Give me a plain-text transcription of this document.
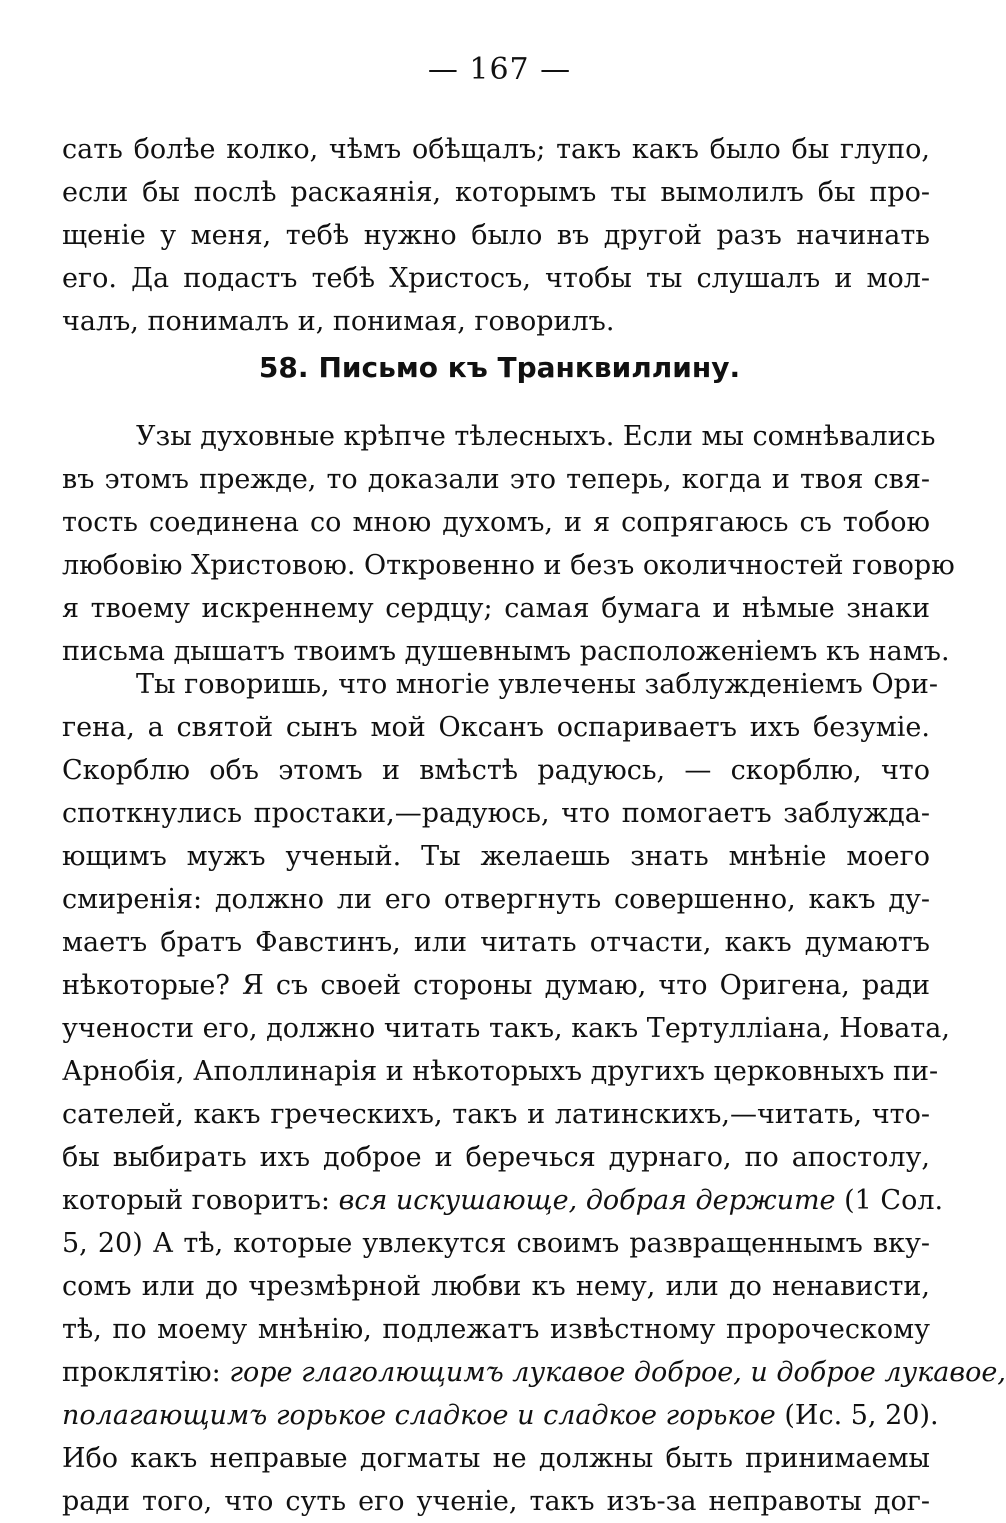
— 167 —
сать болѣе колко, чѣмъ обѣщалъ; такъ какъ было бы глупо,
если бы послѣ раскаянія, которымъ ты вымолилъ бы про-
щеніе у меня, тебѣ нужно было въ другой разъ начинать
его. Да подастъ тебѣ Христосъ, чтобы ты слушалъ и мол-
чалъ, понималъ и, понимая, говорилъ.
58. Письмо къ Транквиллину.
Узы духовные крѣпче тѣлесныхъ. Если мы сомнѣвались
въ этомъ прежде, то доказали это теперь, когда и твоя свя-
тость соединена со мною духомъ, и я сопрягаюсь съ тобою
любовію Христовою. Откровенно и безъ околичностей говорю
я твоему искреннему сердцу; самая бумага и нѣмые знаки
письма дышатъ твоимъ душевнымъ расположеніемъ къ намъ.
Ты говоришь, что многіе увлечены заблужденіемъ Ори-
гена, а святой сынъ мой Оксанъ оспариваетъ ихъ безуміе.
Скорблю объ этомъ и вмѣстѣ радуюсь, — скорблю, что
споткнулись простаки,—радуюсь, что помогаетъ заблужда-
ющимъ мужъ ученый. Ты желаешь знать мнѣніе моего
смиренія: должно ли его отвергнуть совершенно, какъ ду-
маетъ братъ Фавстинъ, или читать отчасти, какъ думаютъ
нѣкоторые? Я съ своей стороны думаю, что Оригена, ради
учености его, должно читать такъ, какъ Тертулліана, Новата,
Арнобія, Аполлинарія и нѣкоторыхъ другихъ церковныхъ пи-
сателей, какъ греческихъ, такъ и латинскихъ,—читать, что-
бы выбирать ихъ доброе и беречься дурнаго, по апостолу,
который говоритъ: вся искушающе, добрая держите (1 Сол.
5, 20) А тѣ, которые увлекутся своимъ развращеннымъ вку-
сомъ или до чрезмѣрной любви къ нему, или до ненависти,
тѣ, по моему мнѣнію, подлежатъ извѣстному пророческому
проклятію: горе глаголющимъ лукавое доброе, и доброе лукавое,
полагающимъ горькое сладкое и сладкое горькое (Ис. 5, 20).
Ибо какъ неправые догматы не должны быть принимаемы
ради того, что суть его ученіе, такъ изъ-за неправоты дог-
